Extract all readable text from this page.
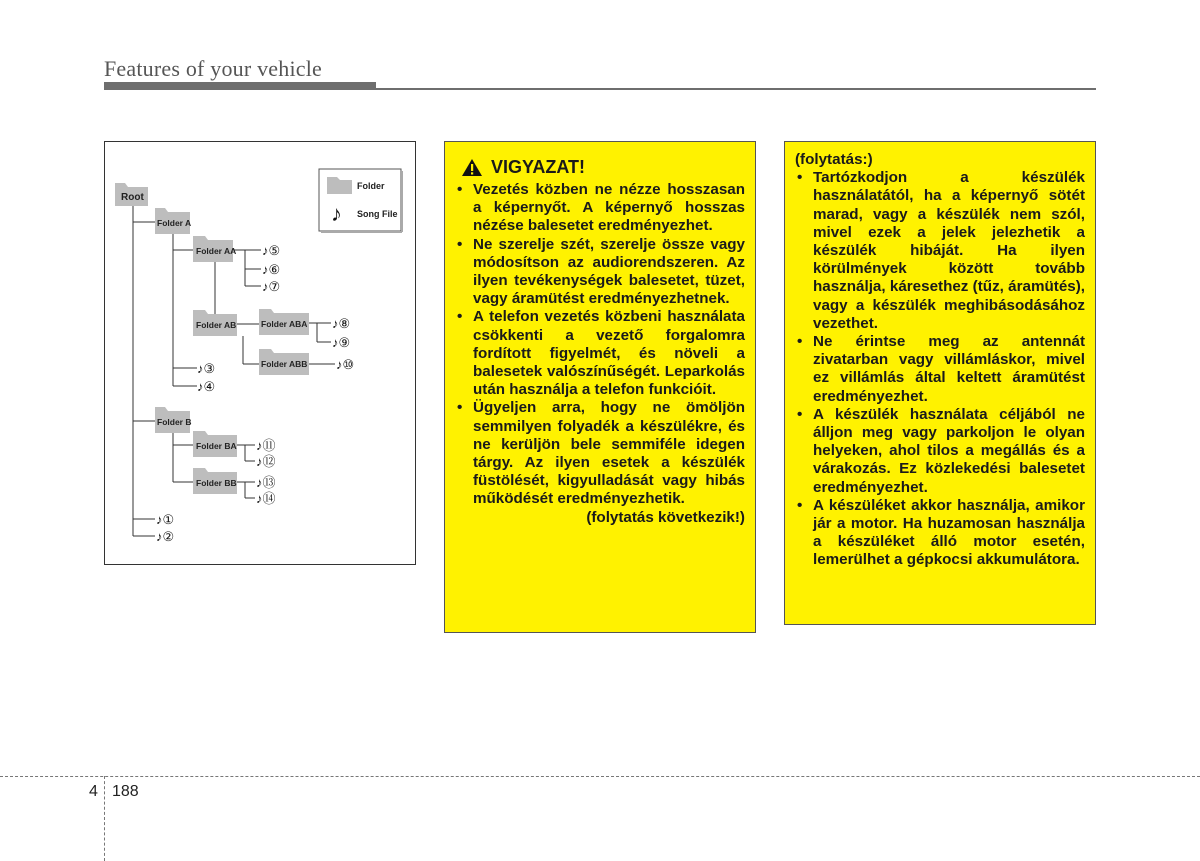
Features of your vehicle
Folder
♪ Song File
Root
Folder A
Folder AA
Folder AB	Folder ABA
Folder ABB
Folder B
Folder BA
Folder BB
♪⑤
♪⑥
♪⑦
♪⑧
♪⑨
♪⑩
♪③
♪④
♪⑪
♪⑫
♪⑬
♪⑭
♪①
♪②
VIGYAZAT!
• Vezetés közben ne nézze hosszasan a képernyőt. A képernyő hosszas nézése balesetet eredményezhet.
• Ne szerelje szét, szerelje össze vagy módosítson az audiorendszeren. Az ilyen tevékenységek balesetet, tüzet, vagy áramütést eredményezhetnek.
• A telefon vezetés közbeni használata csökkenti a vezető forgalomra fordított figyelmét, és növeli a balesetek valószínűségét. Leparkolás után használja a telefon funkcióit.
• Ügyeljen arra, hogy ne ömöljön semmilyen folyadék a készülékre, és ne kerüljön bele semmiféle idegen tárgy. Az ilyen esetek a készülék füstölését, kigyulladását vagy hibás működését eredményezhetik.
(folytatás következik!)
(folytatás:)
• Tartózkodjon a készülék használatától, ha a képernyő sötét marad, vagy a készülék nem szól, mivel ezek a jelek jelezhetik a készülék hibáját. Ha ilyen körülmények között tovább használja, káresethez (tűz, áramütés), vagy a készülék meghibásodásához vezethet.
• Ne érintse meg az antennát zivatarban vagy villámláskor, mivel ez villámlás által keltett áramütést eredményezhet.
• A készülék használata céljából ne álljon meg vagy parkoljon le olyan helyeken, ahol tilos a megállás és a várakozás. Ez közlekedési balesetet eredményezhet.
• A készüléket akkor használja, amikor jár a motor. Ha huzamosan használja a készüléket álló motor esetén, lemerülhet a gépkocsi akkumulátora.
4 188
